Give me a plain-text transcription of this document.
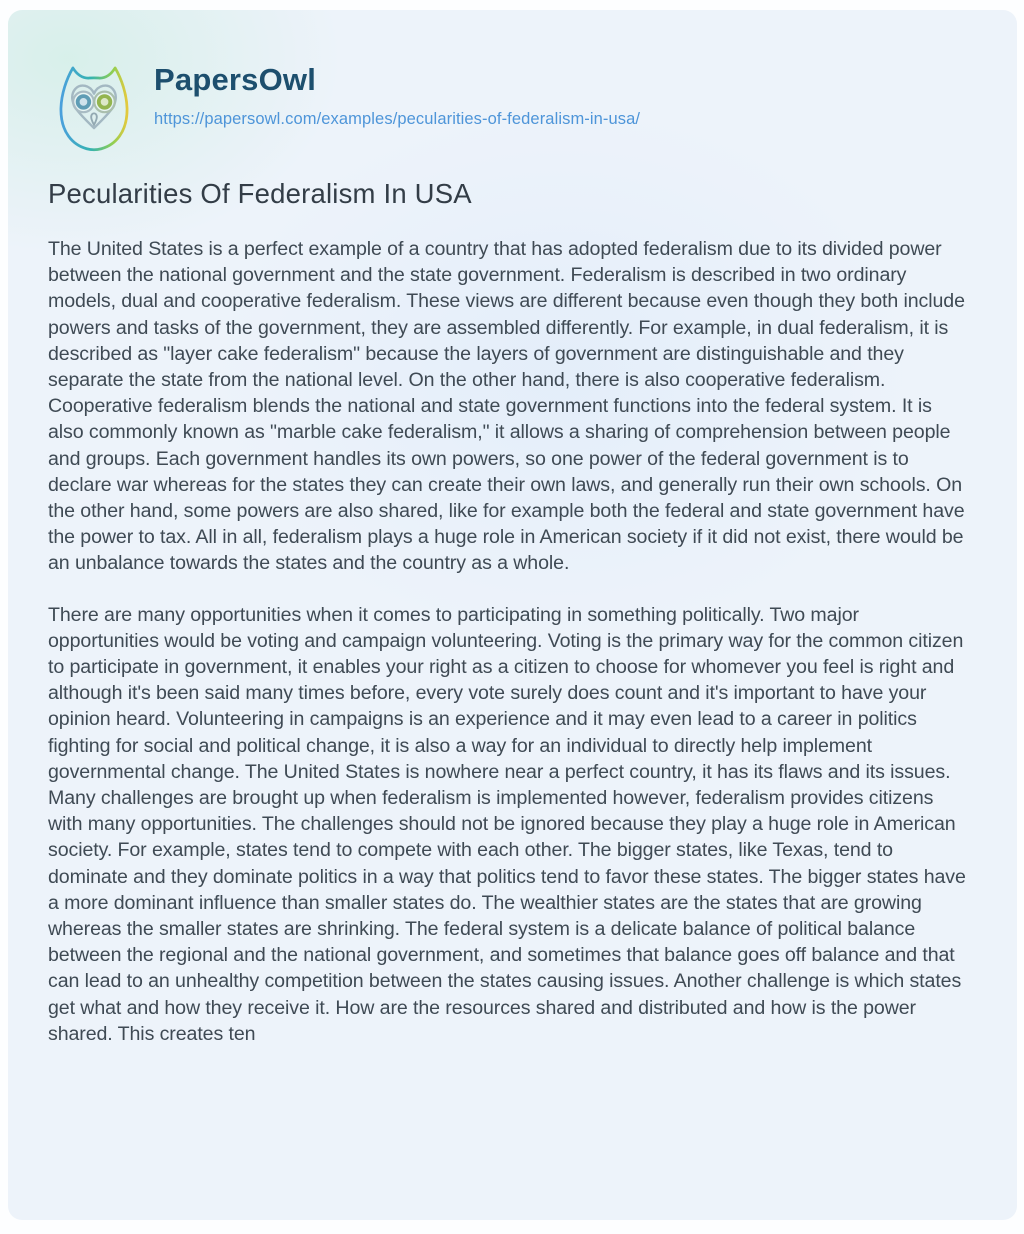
PapersOwl
https://papersowl.com/examples/pecularities-of-federalism-in-usa/
Pecularities Of Federalism In USA

The United States is a perfect example of a country that has adopted federalism due to its divided power between the national government and the state government. Federalism is described in two ordinary models, dual and cooperative federalism. These views are different because even though they both include powers and tasks of the government, they are assembled differently. For example, in dual federalism, it is described as "layer cake federalism" because the layers of government are distinguishable and they separate the state from the national level. On the other hand, there is also cooperative federalism. Cooperative federalism blends the national and state government functions into the federal system. It is also commonly known as "marble cake federalism," it allows a sharing of comprehension between people and groups. Each government handles its own powers, so one power of the federal government is to declare war whereas for the states they can create their own laws, and generally run their own schools. On the other hand, some powers are also shared, like for example both the federal and state government have the power to tax. All in all, federalism plays a huge role in American society if it did not exist, there would be an unbalance towards the states and the country as a whole.

There are many opportunities when it comes to participating in something politically. Two major opportunities would be voting and campaign volunteering. Voting is the primary way for the common citizen to participate in government, it enables your right as a citizen to choose for whomever you feel is right and although it's been said many times before, every vote surely does count and it's important to have your opinion heard. Volunteering in campaigns is an experience and it may even lead to a career in politics fighting for social and political change, it is also a way for an individual to directly help implement governmental change. The United States is nowhere near a perfect country, it has its flaws and its issues. Many challenges are brought up when federalism is implemented however, federalism provides citizens with many opportunities. The challenges should not be ignored because they play a huge role in American society. For example, states tend to compete with each other. The bigger states, like Texas, tend to dominate and they dominate politics in a way that politics tend to favor these states. The bigger states have a more dominant influence than smaller states do. The wealthier states are the states that are growing whereas the smaller states are shrinking. The federal system is a delicate balance of political balance between the regional and the national government, and sometimes that balance goes off balance and that can lead to an unhealthy competition between the states causing issues. Another challenge is which states get what and how they receive it. How are the resources shared and distributed and how is the power shared. This creates ten
